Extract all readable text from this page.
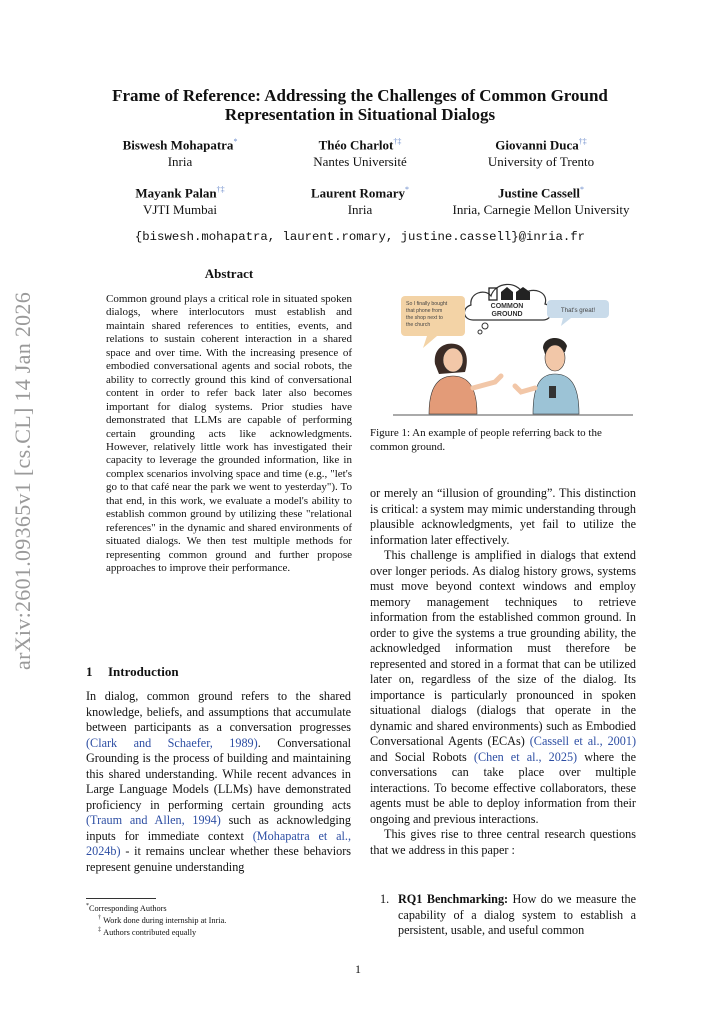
arXiv:2601.09365v1 [cs.CL] 14 Jan 2026
Frame of Reference: Addressing the Challenges of Common Ground Representation in Situational Dialogs
Biswesh Mohapatra*
Inria
Théo Charlot†‡
Nantes Université
Giovanni Duca†‡
University of Trento
Mayank Palan†‡
VJTI Mumbai
Laurent Romary*
Inria
Justine Cassell*
Inria, Carnegie Mellon University
{biswesh.mohapatra, laurent.romary, justine.cassell}@inria.fr
Abstract
Common ground plays a critical role in situated spoken dialogs, where interlocutors must establish and maintain shared references to entities, events, and relations to sustain coherent interaction in a shared space and over time. With the increasing presence of embodied conversational agents and social robots, the ability to correctly ground this kind of conversational content in order to refer back later also becomes important for dialog systems. Prior studies have demonstrated that LLMs are capable of performing certain grounding acts like acknowledgments. However, relatively little work has investigated their capacity to leverage the grounded information, like in complex scenarios involving space and time (e.g., "let's go to that café near the park we went to yesterday"). To that end, in this work, we evaluate a model's ability to establish common ground by utilizing these "relational references" in the dynamic and shared environments of situated dialogs. We then test multiple methods for representing common ground and further propose approaches to improve their performance.
1 Introduction

In dialog, common ground refers to the shared knowledge, beliefs, and assumptions that accumulate between participants as a conversation progresses (Clark and Schaefer, 1989). Conversational Grounding is the process of building and maintaining this shared understanding. While recent advances in Large Language Models (LLMs) have demonstrated proficiency in performing certain grounding acts (Traum and Allen, 1994) such as acknowledging inputs for immediate context (Mohapatra et al., 2024b) - it remains unclear whether these behaviors represent genuine understanding

COMMON
GROUND
So I finally bought that phone from the shop next to the church
That's great!
Figure 1: An example of people referring back to the common ground.

or merely an “illusion of grounding”. This distinction is critical: a system may mimic understanding through plausible acknowledgments, yet fail to utilize the information later effectively.

This challenge is amplified in dialogs that extend over longer periods. As dialog history grows, systems must move beyond context windows and employ memory management techniques to retrieve information from the established common ground. In order to give the systems a true grounding ability, the acknowledged information must therefore be represented and stored in a format that can be utilized later on, regardless of the size of the dialog. Its importance is particularly pronounced in spoken situational dialogs (dialogs that operate in the dynamic and shared environments) such as Embodied Conversational Agents (ECAs) (Cassell et al., 2001) and Social Robots (Chen et al., 2025) where the conversations can take place over multiple interactions. To become effective collaborators, these agents must be able to deploy information from their ongoing and previous interactions.

This gives rise to three central research questions that we address in this paper :

1. RQ1 Benchmarking: How do we measure the capability of a dialog system to establish a persistent, usable, and useful common
*Corresponding Authors
† Work done during internship at Inria.
‡ Authors contributed equally
1
